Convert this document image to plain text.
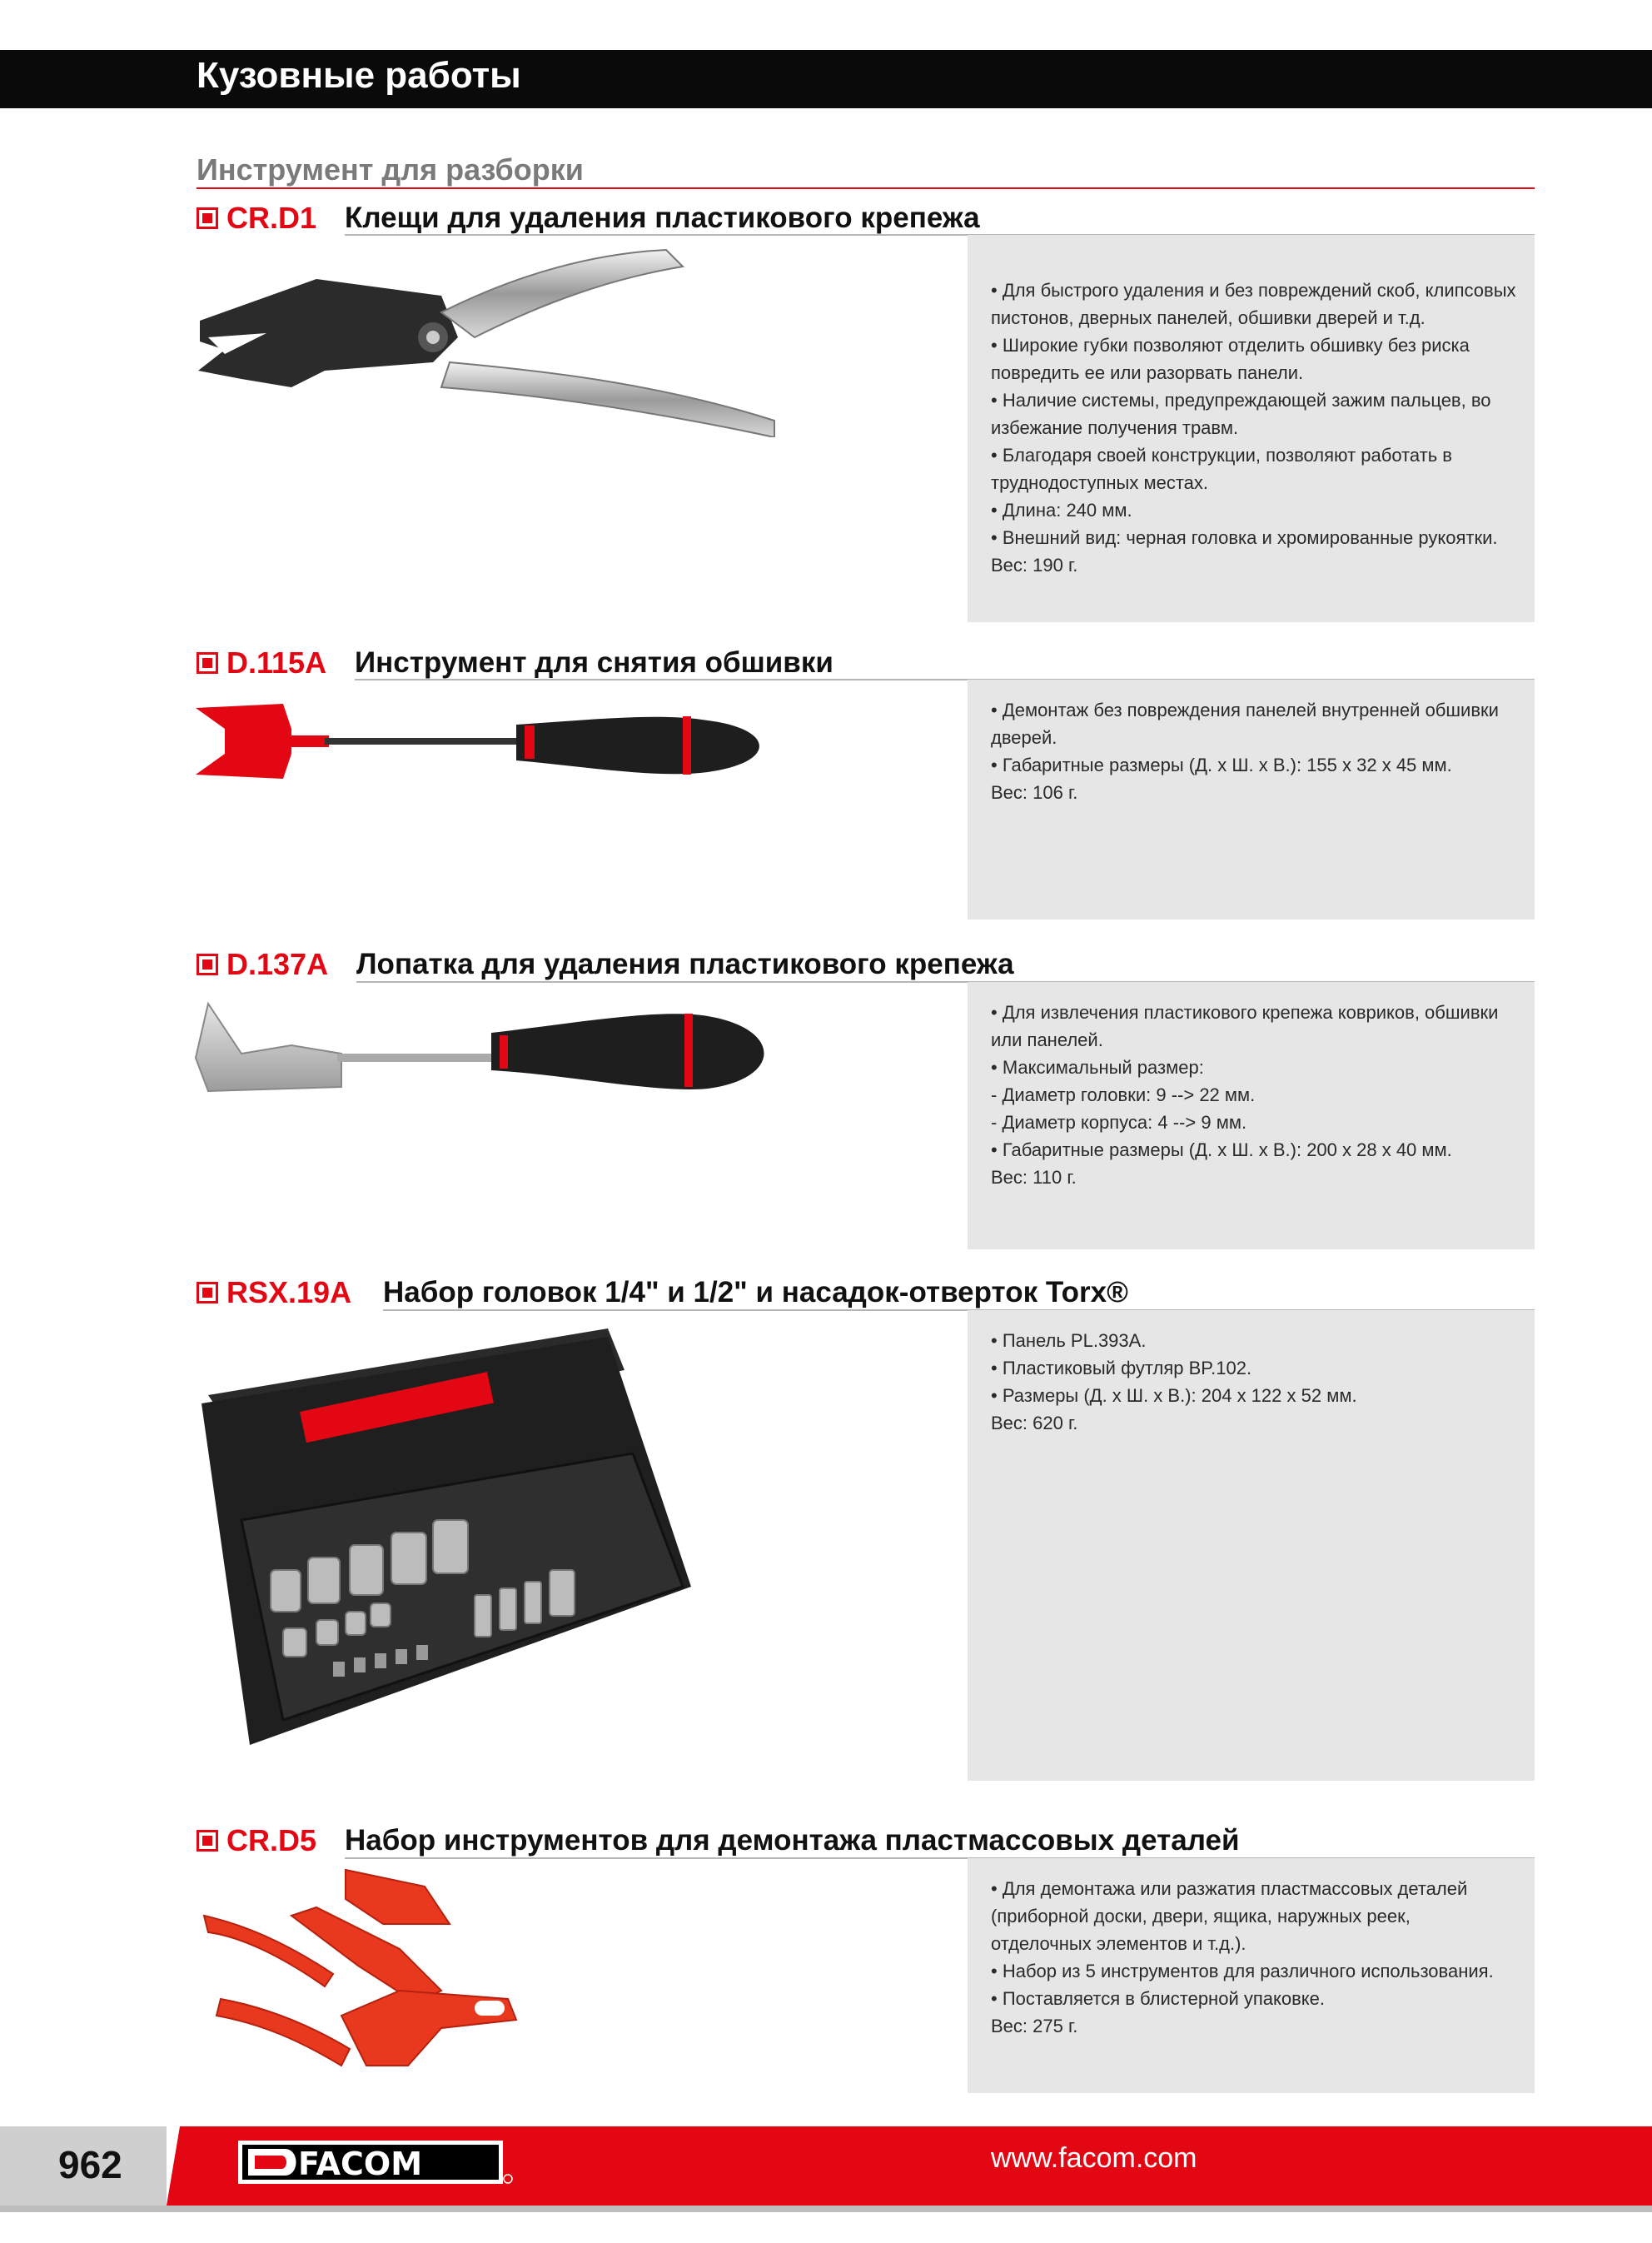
Кузовные работы
Инструмент для разборки
CR.D1 Клещи для удаления пластикового крепежа
• Для быстрого удаления и без повреждений скоб, клипсовых
пистонов, дверных панелей, обшивки дверей и т.д.
• Широкие губки позволяют отделить обшивку без риска
повредить ее или разорвать панели.
• Наличие системы, предупреждающей зажим пальцев, во
избежание получения травм.
• Благодаря своей конструкции, позволяют работать в
труднодоступных местах.
• Длина: 240 мм.
• Внешний вид: черная головка и хромированные рукоятки.
Вес: 190 г.
D.115A Инструмент для снятия обшивки
• Демонтаж без повреждения панелей внутренней обшивки
дверей.
• Габаритные размеры (Д. x Ш. x В.): 155 x 32 x 45 мм.
Вес: 106 г.
D.137A Лопатка для удаления пластикового крепежа
• Для извлечения пластикового крепежа ковриков, обшивки
или панелей.
• Максимальный размер:
- Диаметр головки: 9 --> 22 мм.
- Диаметр корпуса: 4 --> 9 мм.
• Габаритные размеры (Д. x Ш. x В.): 200 x 28 x 40 мм.
Вес: 110 г.
RSX.19A Набор головок 1/4" и 1/2" и насадок-отверток Torx®
• Панель PL.393A.
• Пластиковый футляр BP.102.
• Размеры (Д. x Ш. x В.): 204 x 122 x 52 мм.
Вес: 620 г.
CR.D5 Набор инструментов для демонтажа пластмассовых деталей
• Для демонтажа или разжатия пластмассовых деталей
(приборной доски, двери, ящика, наружных реек,
отделочных элементов и т.д.).
• Набор из 5 инструментов для различного использования.
• Поставляется в блистерной упаковке.
Вес: 275 г.
962	FACOM	www.facom.com
